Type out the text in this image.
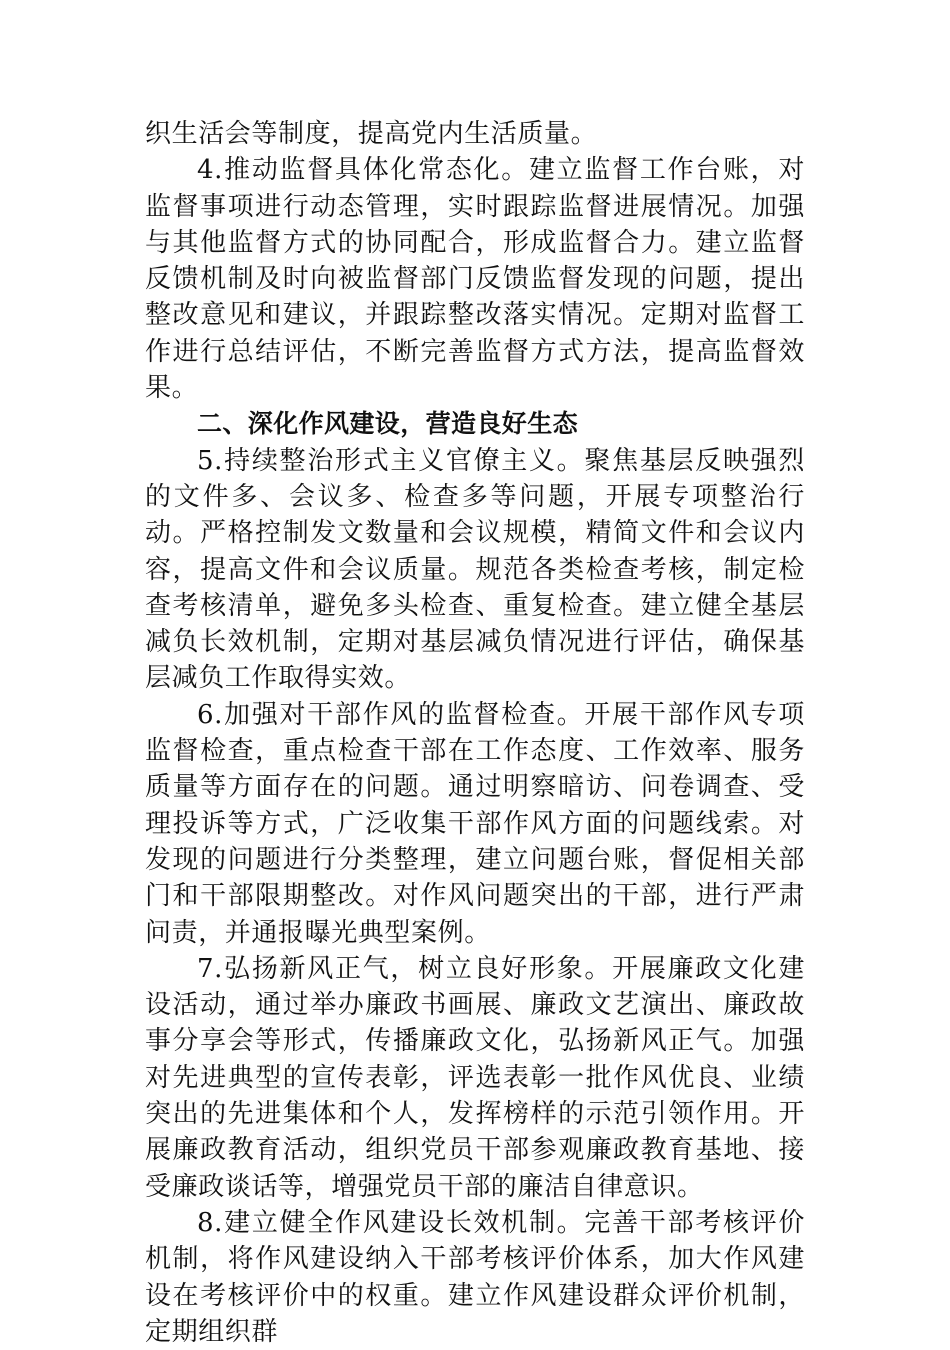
织生活会等制度，提高党内生活质量。

4.推动监督具体化常态化。建立监督工作台账，对监督事项进行动态管理，实时跟踪监督进展情况。加强与其他监督方式的协同配合，形成监督合力。建立监督反馈机制及时向被监督部门反馈监督发现的问题，提出整改意见和建议，并跟踪整改落实情况。定期对监督工作进行总结评估，不断完善监督方式方法，提高监督效果。

二、深化作风建设，营造良好生态

5.持续整治形式主义官僚主义。聚焦基层反映强烈的文件多、会议多、检查多等问题，开展专项整治行动。严格控制发文数量和会议规模，精简文件和会议内容，提高文件和会议质量。规范各类检查考核，制定检查考核清单，避免多头检查、重复检查。建立健全基层减负长效机制，定期对基层减负情况进行评估，确保基层减负工作取得实效。

6.加强对干部作风的监督检查。开展干部作风专项监督检查，重点检查干部在工作态度、工作效率、服务质量等方面存在的问题。通过明察暗访、问卷调查、受理投诉等方式，广泛收集干部作风方面的问题线索。对发现的问题进行分类整理，建立问题台账，督促相关部门和干部限期整改。对作风问题突出的干部，进行严肃问责，并通报曝光典型案例。

7.弘扬新风正气，树立良好形象。开展廉政文化建设活动，通过举办廉政书画展、廉政文艺演出、廉政故事分享会等形式，传播廉政文化，弘扬新风正气。加强对先进典型的宣传表彰，评选表彰一批作风优良、业绩突出的先进集体和个人，发挥榜样的示范引领作用。开展廉政教育活动，组织党员干部参观廉政教育基地、接受廉政谈话等，增强党员干部的廉洁自律意识。

8.建立健全作风建设长效机制。完善干部考核评价机制，将作风建设纳入干部考核评价体系，加大作风建设在考核评价中的权重。建立作风建设群众评价机制，定期组织群
